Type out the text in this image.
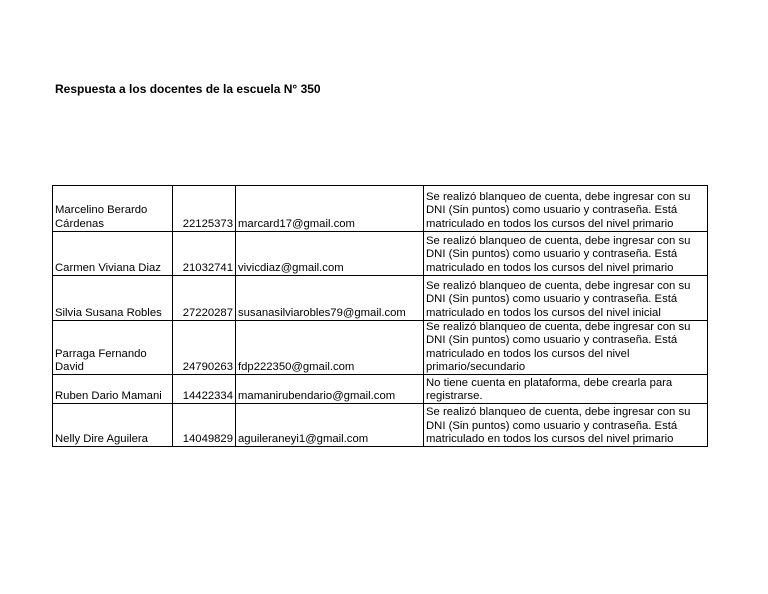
Respuesta a los docentes de la escuela N° 350
Marcelino Berardo Cárdenas	22125373	marcard17@gmail.com	Se realizó blanqueo de cuenta, debe ingresar con su DNI (Sin puntos) como usuario y contraseña. Está matriculado en todos los cursos del nivel primario
Carmen Viviana Diaz	21032741	vivicdiaz@gmail.com	Se realizó blanqueo de cuenta, debe ingresar con su DNI (Sin puntos) como usuario y contraseña. Está matriculado en todos los cursos del nivel primario
Silvia Susana Robles	27220287	susanasilviarobles79@gmail.com	Se realizó blanqueo de cuenta, debe ingresar con su DNI (Sin puntos) como usuario y contraseña. Está matriculado en todos los cursos del nivel inicial
Parraga Fernando David	24790263	fdp222350@gmail.com	Se realizó blanqueo de cuenta, debe ingresar con su DNI (Sin puntos) como usuario y contraseña. Está matriculado en todos los cursos del nivel primario/secundario
Ruben Dario Mamani	14422334	mamanirubendario@gmail.com	No tiene cuenta en plataforma, debe crearla para registrarse.
Nelly Dire Aguilera	14049829	aguileraneyi1@gmail.com	Se realizó blanqueo de cuenta, debe ingresar con su DNI (Sin puntos) como usuario y contraseña. Está matriculado en todos los cursos del nivel primario
